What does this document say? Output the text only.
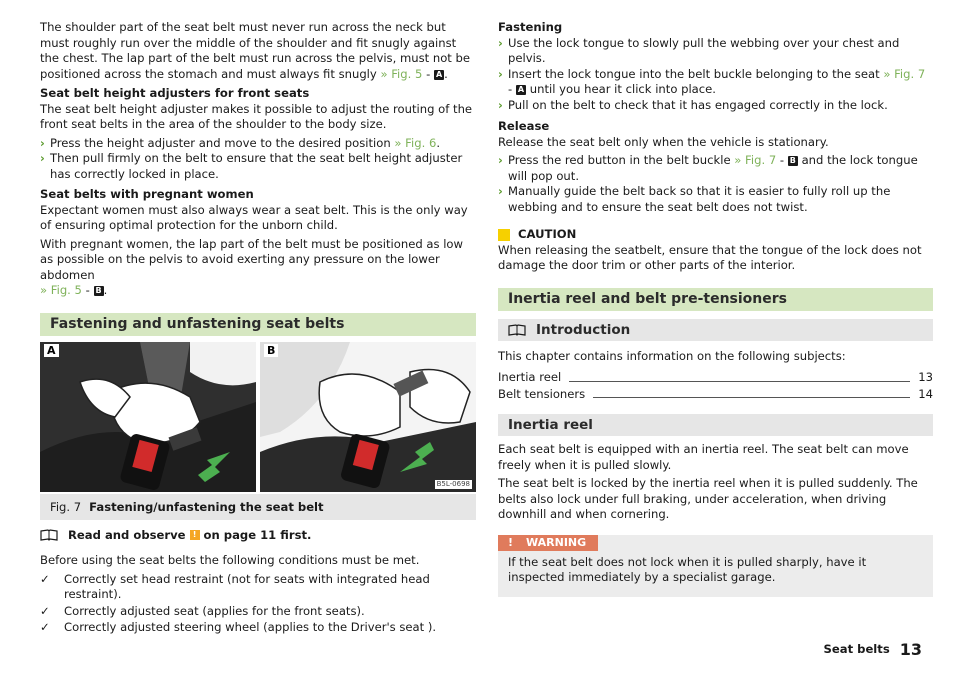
The shoulder part of the seat belt must never run across the neck but must roughly run over the middle of the shoulder and fit snugly against the chest. The lap part of the belt must run across the pelvis, must not be positioned across the stomach and must always fit snugly » Fig. 5 - A .

Seat belt height adjusters for front seats

The seat belt height adjuster makes it possible to adjust the routing of the front seat belts in the area of the shoulder to the body size.

› Press the height adjuster and move to the desired position » Fig. 6.
› Then pull firmly on the belt to ensure that the seat belt height adjuster has correctly locked in place.

Seat belts with pregnant women

Expectant women must also always wear a seat belt. This is the only way of ensuring optimal protection for the unborn child.

With pregnant women, the lap part of the belt must be positioned as low as possible on the pelvis to avoid exerting any pressure on the lower abdomen
» Fig. 5 - B .

Fastening and unfastening seat belts
A	B
B5L-0698
Fig. 7 Fastening/unfastening the seat belt
Read and observe ! on page 11 first.

Before using the seat belts the following conditions must be met.

✓	Correctly set head restraint (not for seats with integrated head restraint).
✓	Correctly adjusted seat (applies for the front seats).
✓	Correctly adjusted steering wheel (applies to the Driver's seat ).

Fastening

› Use the lock tongue to slowly pull the webbing over your chest and pelvis.
› Insert the lock tongue into the belt buckle belonging to the seat » Fig. 7 - A until you hear it click into place.
› Pull on the belt to check that it has engaged correctly in the lock.

Release

Release the seat belt only when the vehicle is stationary.

› Press the red button in the belt buckle » Fig. 7 - B and the lock tongue will pop out.
› Manually guide the belt back so that it is easier to fully roll up the webbing and to ensure the seat belt does not twist.
CAUTION

When releasing the seatbelt, ensure that the tongue of the lock does not damage the door trim or other parts of the interior.

Inertia reel and belt pre-tensioners
Introduction

This chapter contains information on the following subjects:

Inertia reel	13
Belt tensioners	14
Inertia reel

Each seat belt is equipped with an inertia reel. The seat belt can move freely when it is pulled slowly.

The seat belt is locked by the inertia reel when it is pulled suddenly. The belts also lock under full braking, under acceleration, when driving downhill and when cornering.

! WARNING

If the seat belt does not lock when it is pulled sharply, have it inspected immediately by a specialist garage.

Seat belts 13
